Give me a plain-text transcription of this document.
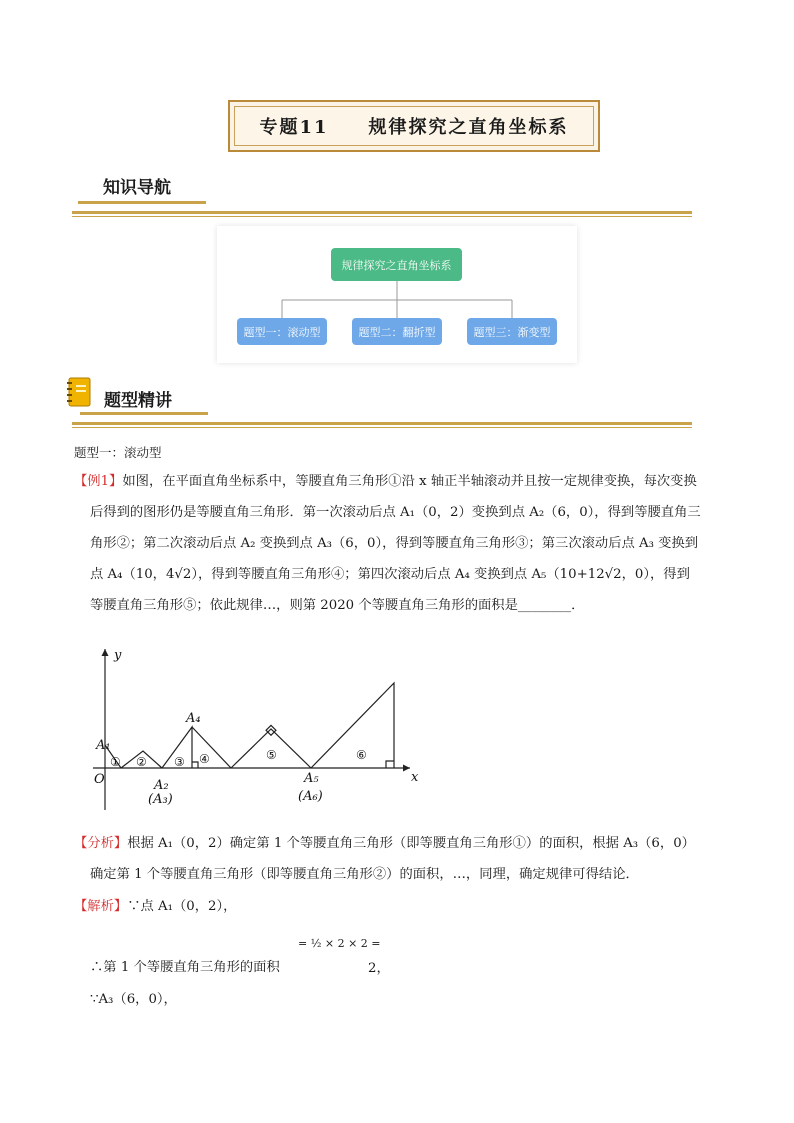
专题11　　规律探究之直角坐标系
知识导航
规律探究之直角坐标系
题型一：滚动型	题型二：翻折型	题型三：渐变型
题型精讲
题型一：滚动型
【例1】如图，在平面直角坐标系中，等腰直角三角形①沿 x 轴正半轴滚动并且按一定规律变换，每次变换
后得到的图形仍是等腰直角三角形．第一次滚动后点 A₁（0，2）变换到点 A₂（6，0），得到等腰直角三
角形②；第二次滚动后点 A₂ 变换到点 A₃（6，0），得到等腰直角三角形③；第三次滚动后点 A₃ 变换到
点 A₄（10，4√2），得到等腰直角三角形④；第四次滚动后点 A₄ 变换到点 A₅（10+12√2，0），得到
等腰直角三角形⑤；依此规律…，则第 2020 个等腰直角三角形的面积是________．
y
x
O
A₁
A₂
(A₃)
A₄
A₅
(A₆)
① ② ③ ④	⑤	⑥
【分析】根据 A₁（0，2）确定第 1 个等腰直角三角形（即等腰直角三角形①）的面积，根据 A₃（6，0）
确定第 1 个等腰直角三角形（即等腰直角三角形②）的面积，…，同理，确定规律可得结论．
【解析】∵点 A₁（0，2），
∴第 1 个等腰直角三角形的面积
= ½ × 2 × 2 =
2，
∵A₃（6，0），
